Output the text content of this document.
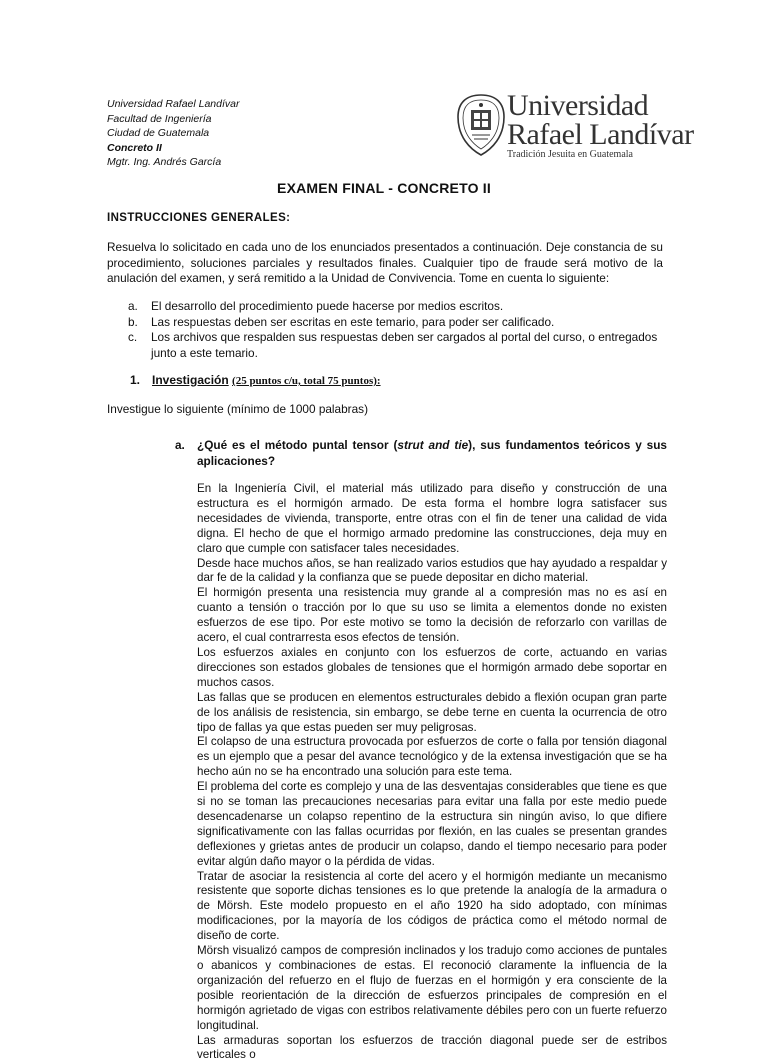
Universidad Rafael Landívar
Facultad de Ingeniería
Ciudad de Guatemala
Concreto II
Mgtr. Ing. Andrés García
Universidad
Rafael Landívar
Tradición Jesuita en Guatemala
EXAMEN FINAL - CONCRETO II
INSTRUCCIONES GENERALES:
Resuelva lo solicitado en cada uno de los enunciados presentados a continuación. Deje constancia de su procedimiento, soluciones parciales y resultados finales. Cualquier tipo de fraude será motivo de la anulación del examen, y será remitido a la Unidad de Convivencia. Tome en cuenta lo siguiente:
a. El desarrollo del procedimiento puede hacerse por medios escritos.
b. Las respuestas deben ser escritas en este temario, para poder ser calificado.
c. Los archivos que respalden sus respuestas deben ser cargados al portal del curso, o entregados junto a este temario.
1. Investigación (25 puntos c/u, total 75 puntos):
Investigue lo siguiente (mínimo de 1000 palabras)
a. ¿Qué es el método puntal tensor (strut and tie), sus fundamentos teóricos y sus aplicaciones?

En la Ingeniería Civil, el material más utilizado para diseño y construcción de una estructura es el hormigón armado. De esta forma el hombre logra satisfacer sus necesidades de vivienda, transporte, entre otras con el fin de tener una calidad de vida digna. El hecho de que el hormigo armado predomine las construcciones, deja muy en claro que cumple con satisfacer tales necesidades.

Desde hace muchos años, se han realizado varios estudios que hay ayudado a respaldar y dar fe de la calidad y la confianza que se puede depositar en dicho material.

El hormigón presenta una resistencia muy grande al a compresión mas no es así en cuanto a tensión o tracción por lo que su uso se limita a elementos donde no existen esfuerzos de ese tipo. Por este motivo se tomo la decisión de reforzarlo con varillas de acero, el cual contrarresta esos efectos de tensión.

Los esfuerzos axiales en conjunto con los esfuerzos de corte, actuando en varias direcciones son estados globales de tensiones que el hormigón armado debe soportar en muchos casos.

Las fallas que se producen en elementos estructurales debido a flexión ocupan gran parte de los análisis de resistencia, sin embargo, se debe terne en cuenta la ocurrencia de otro tipo de fallas ya que estas pueden ser muy peligrosas.

El colapso de una estructura provocada por esfuerzos de corte o falla por tensión diagonal es un ejemplo que a pesar del avance tecnológico y de la extensa investigación que se ha hecho aún no se ha encontrado una solución para este tema.

El problema del corte es complejo y una de las desventajas considerables que tiene es que si no se toman las precauciones necesarias para evitar una falla por este medio puede desencadenarse un colapso repentino de la estructura sin ningún aviso, lo que difiere significativamente con las fallas ocurridas por flexión, en las cuales se presentan grandes deflexiones y grietas antes de producir un colapso, dando el tiempo necesario para poder evitar algún daño mayor o la pérdida de vidas.

Tratar de asociar la resistencia al corte del acero y el hormigón mediante un mecanismo resistente que soporte dichas tensiones es lo que pretende la analogía de la armadura o de Mörsh. Este modelo propuesto en el año 1920 ha sido adoptado, con mínimas modificaciones, por la mayoría de los códigos de práctica como el método normal de diseño de corte.

Mörsh visualizó campos de compresión inclinados y los tradujo como acciones de puntales o abanicos y combinaciones de estas. El reconoció claramente la influencia de la organización del refuerzo en el flujo de fuerzas en el hormigón y era consciente de la posible reorientación de la dirección de esfuerzos principales de compresión en el hormigón agrietado de vigas con estribos relativamente débiles pero con un fuerte refuerzo longitudinal.

Las armaduras soportan los esfuerzos de tracción diagonal puede ser de estribos verticales o
